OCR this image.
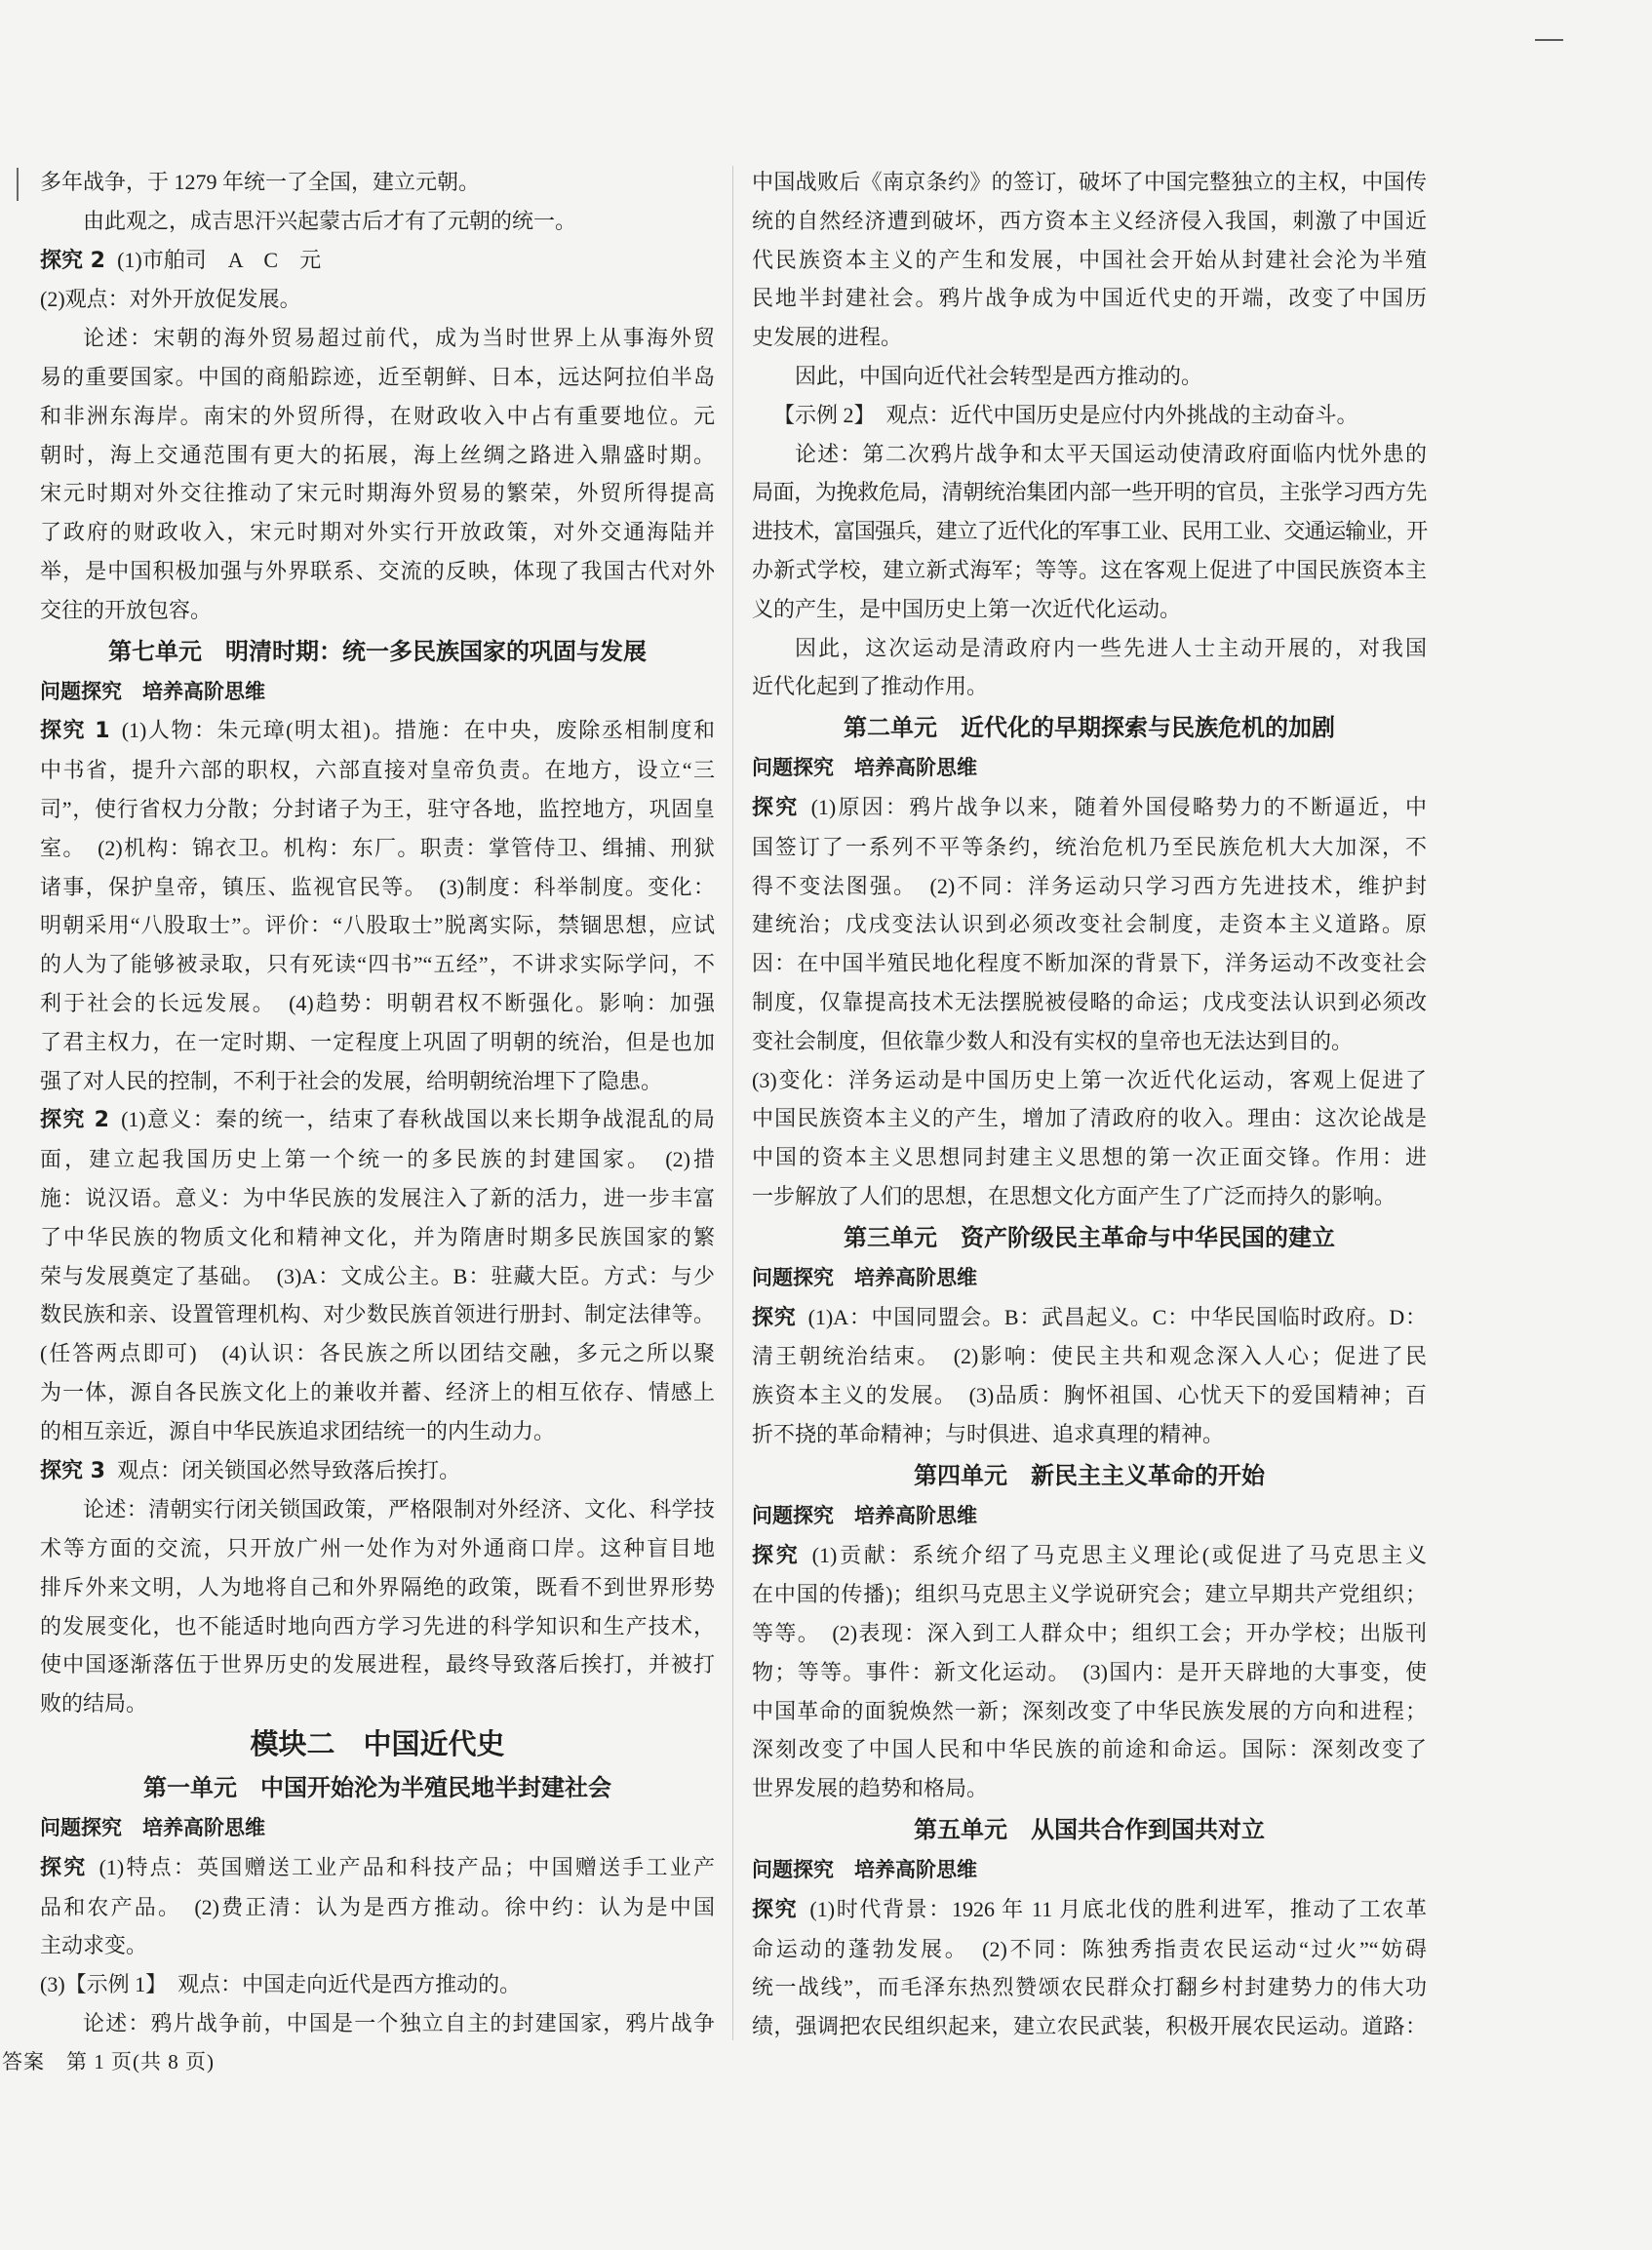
多年战争，于 1279 年统一了全国，建立元朝。
由此观之，成吉思汗兴起蒙古后才有了元朝的统一。
探究 2 (1)市舶司　A　C　元
(2)观点：对外开放促发展。
论述：宋朝的海外贸易超过前代，成为当时世界上从事海外贸
易的重要国家。中国的商船踪迹，近至朝鲜、日本，远达阿拉伯半岛
和非洲东海岸。南宋的外贸所得，在财政收入中占有重要地位。元
朝时，海上交通范围有更大的拓展，海上丝绸之路进入鼎盛时期。
宋元时期对外交往推动了宋元时期海外贸易的繁荣，外贸所得提高
了政府的财政收入，宋元时期对外实行开放政策，对外交通海陆并
举，是中国积极加强与外界联系、交流的反映，体现了我国古代对外
交往的开放包容。
第七单元　明清时期：统一多民族国家的巩固与发展
问题探究　培养高阶思维
探究 1 (1)人物：朱元璋(明太祖)。措施：在中央，废除丞相制度和
中书省，提升六部的职权，六部直接对皇帝负责。在地方，设立“三
司”，使行省权力分散；分封诸子为王，驻守各地，监控地方，巩固皇
室。　(2)机构：锦衣卫。机构：东厂。职责：掌管侍卫、缉捕、刑狱
诸事，保护皇帝，镇压、监视官民等。　(3)制度：科举制度。变化：
明朝采用“八股取士”。评价：“八股取士”脱离实际，禁锢思想，应试
的人为了能够被录取，只有死读“四书”“五经”，不讲求实际学问，不
利于社会的长远发展。　(4)趋势：明朝君权不断强化。影响：加强
了君主权力，在一定时期、一定程度上巩固了明朝的统治，但是也加
强了对人民的控制，不利于社会的发展，给明朝统治埋下了隐患。
探究 2 (1)意义：秦的统一，结束了春秋战国以来长期争战混乱的局
面，建立起我国历史上第一个统一的多民族的封建国家。　(2)措
施：说汉语。意义：为中华民族的发展注入了新的活力，进一步丰富
了中华民族的物质文化和精神文化，并为隋唐时期多民族国家的繁
荣与发展奠定了基础。　(3)A：文成公主。B：驻藏大臣。方式：与少
数民族和亲、设置管理机构、对少数民族首领进行册封、制定法律等。
(任答两点即可)　(4)认识：各民族之所以团结交融，多元之所以聚
为一体，源自各民族文化上的兼收并蓄、经济上的相互依存、情感上
的相互亲近，源自中华民族追求团结统一的内生动力。
探究 3 观点：闭关锁国必然导致落后挨打。
论述：清朝实行闭关锁国政策，严格限制对外经济、文化、科学技
术等方面的交流，只开放广州一处作为对外通商口岸。这种盲目地
排斥外来文明，人为地将自己和外界隔绝的政策，既看不到世界形势
的发展变化，也不能适时地向西方学习先进的科学知识和生产技术，
使中国逐渐落伍于世界历史的发展进程，最终导致落后挨打，并被打
败的结局。
模块二　中国近代史
第一单元　中国开始沦为半殖民地半封建社会
问题探究　培养高阶思维
探究 (1)特点：英国赠送工业产品和科技产品；中国赠送手工业产
品和农产品。　(2)费正清：认为是西方推动。徐中约：认为是中国
主动求变。
(3)【示例 1】　观点：中国走向近代是西方推动的。
论述：鸦片战争前，中国是一个独立自主的封建国家，鸦片战争
中国战败后《南京条约》的签订，破坏了中国完整独立的主权，中国传
统的自然经济遭到破坏，西方资本主义经济侵入我国，刺激了中国近
代民族资本主义的产生和发展，中国社会开始从封建社会沦为半殖
民地半封建社会。鸦片战争成为中国近代史的开端，改变了中国历
史发展的进程。
因此，中国向近代社会转型是西方推动的。
【示例 2】　观点：近代中国历史是应付内外挑战的主动奋斗。
论述：第二次鸦片战争和太平天国运动使清政府面临内忧外患的
局面，为挽救危局，清朝统治集团内部一些开明的官员，主张学习西方先
进技术，富国强兵，建立了近代化的军事工业、民用工业、交通运输业，开
办新式学校，建立新式海军；等等。这在客观上促进了中国民族资本主
义的产生，是中国历史上第一次近代化运动。
因此，这次运动是清政府内一些先进人士主动开展的，对我国
近代化起到了推动作用。
第二单元　近代化的早期探索与民族危机的加剧
问题探究　培养高阶思维
探究 (1)原因：鸦片战争以来，随着外国侵略势力的不断逼近，中
国签订了一系列不平等条约，统治危机乃至民族危机大大加深，不
得不变法图强。　(2)不同：洋务运动只学习西方先进技术，维护封
建统治；戊戌变法认识到必须改变社会制度，走资本主义道路。原
因：在中国半殖民地化程度不断加深的背景下，洋务运动不改变社会
制度，仅靠提高技术无法摆脱被侵略的命运；戊戌变法认识到必须改
变社会制度，但依靠少数人和没有实权的皇帝也无法达到目的。
(3)变化：洋务运动是中国历史上第一次近代化运动，客观上促进了
中国民族资本主义的产生，增加了清政府的收入。理由：这次论战是
中国的资本主义思想同封建主义思想的第一次正面交锋。作用：进
一步解放了人们的思想，在思想文化方面产生了广泛而持久的影响。
第三单元　资产阶级民主革命与中华民国的建立
问题探究　培养高阶思维
探究 (1)A：中国同盟会。B：武昌起义。C：中华民国临时政府。D：
清王朝统治结束。　(2)影响：使民主共和观念深入人心；促进了民
族资本主义的发展。　(3)品质：胸怀祖国、心忧天下的爱国精神；百
折不挠的革命精神；与时俱进、追求真理的精神。
第四单元　新民主主义革命的开始
问题探究　培养高阶思维
探究 (1)贡献：系统介绍了马克思主义理论(或促进了马克思主义
在中国的传播)；组织马克思主义学说研究会；建立早期共产党组织；
等等。　(2)表现：深入到工人群众中；组织工会；开办学校；出版刊
物；等等。事件：新文化运动。　(3)国内：是开天辟地的大事变，使
中国革命的面貌焕然一新；深刻改变了中华民族发展的方向和进程；
深刻改变了中国人民和中华民族的前途和命运。国际：深刻改变了
世界发展的趋势和格局。
第五单元　从国共合作到国共对立
问题探究　培养高阶思维
探究 (1)时代背景：1926 年 11 月底北伐的胜利进军，推动了工农革
命运动的蓬勃发展。　(2)不同：陈独秀指责农民运动“过火”“妨碍
统一战线”，而毛泽东热烈赞颂农民群众打翻乡村封建势力的伟大功
绩，强调把农民组织起来，建立农民武装，积极开展农民运动。道路：
答案　第 1 页(共 8 页)
